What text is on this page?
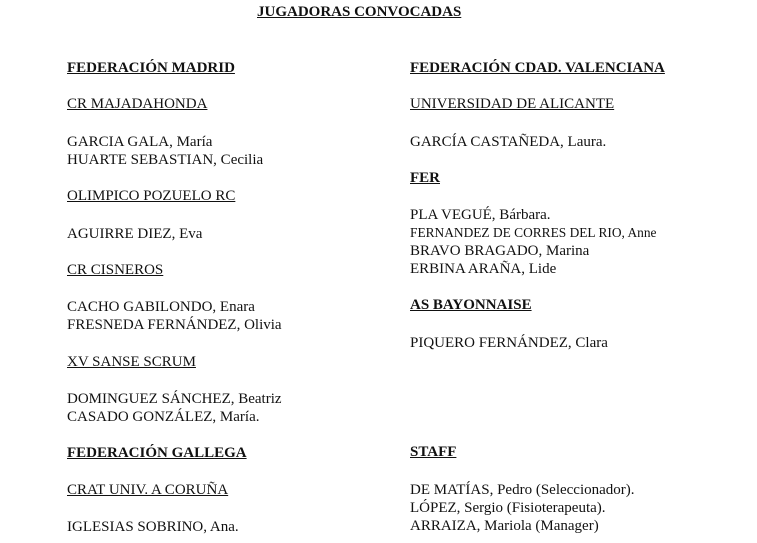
JUGADORAS CONVOCADAS
FEDERACIÓN MADRID
CR MAJADAHONDA
GARCIA GALA, María
HUARTE SEBASTIAN, Cecilia
OLIMPICO POZUELO RC
AGUIRRE DIEZ, Eva
CR CISNEROS
CACHO GABILONDO, Enara
FRESNEDA FERNÁNDEZ, Olivia
XV SANSE SCRUM
DOMINGUEZ SÁNCHEZ, Beatriz
CASADO GONZÁLEZ, María.
FEDERACIÓN GALLEGA
CRAT UNIV. A CORUÑA
IGLESIAS SOBRINO, Ana.
FEDERACIÓN CDAD. VALENCIANA
UNIVERSIDAD DE ALICANTE
GARCÍA CASTAÑEDA, Laura.
FER
PLA VEGUÉ, Bárbara.
FERNANDEZ DE CORRES DEL RIO, Anne
BRAVO BRAGADO, Marina
ERBINA ARAÑA, Lide
AS BAYONNAISE
PIQUERO FERNÁNDEZ, Clara
STAFF
DE MATÍAS, Pedro (Seleccionador).
LÓPEZ, Sergio (Fisioterapeuta).
ARRAIZA, Mariola (Manager)
